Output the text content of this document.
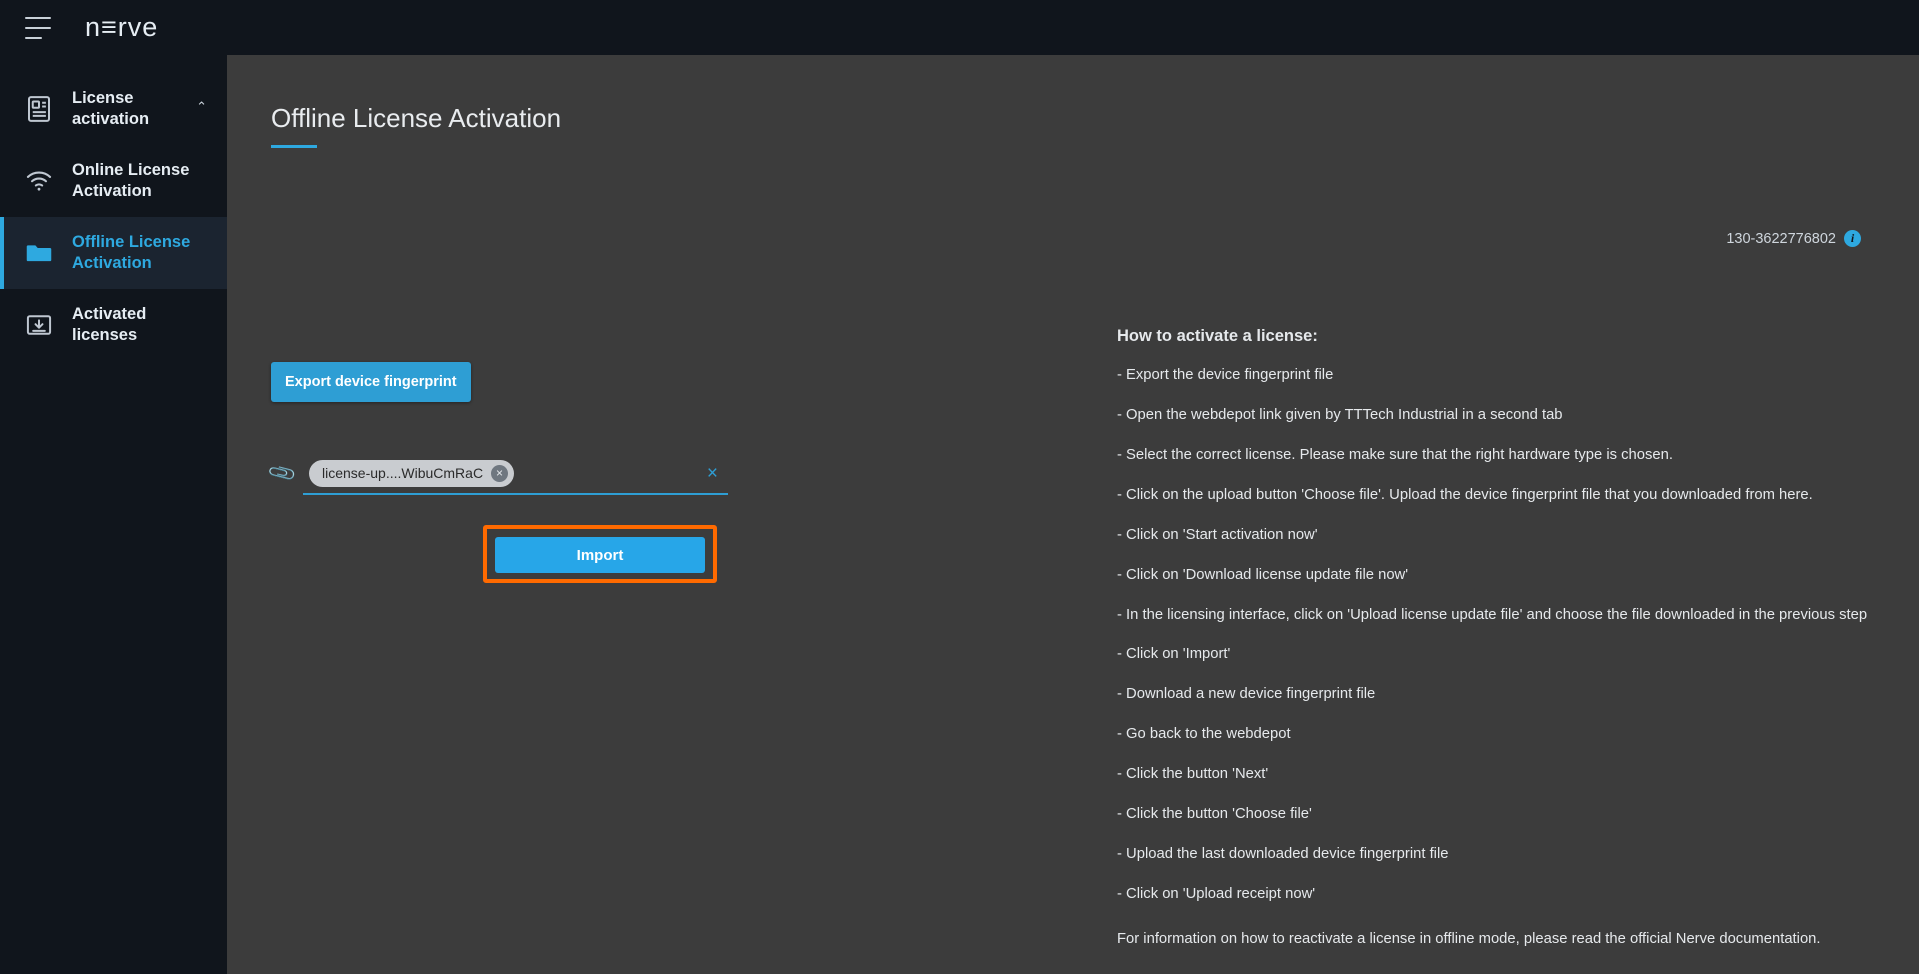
n≡rve
License activation
⌃
Online License Activation
Offline License Activation
Activated licenses
Offline License Activation
130-3622776802	i
Export device fingerprint
📎 license-up....WibuCmRaC	×	×
Import
How to activate a license:
- Export the device fingerprint file
- Open the webdepot link given by TTTech Industrial in a second tab
- Select the correct license. Please make sure that the right hardware type is chosen.
- Click on the upload button 'Choose file'. Upload the device fingerprint file that you downloaded from here.
- Click on 'Start activation now'
- Click on 'Download license update file now'
- In the licensing interface, click on 'Upload license update file' and choose the file downloaded in the previous step
- Click on 'Import'
- Download a new device fingerprint file
- Go back to the webdepot
- Click the button 'Next'
- Click the button 'Choose file'
- Upload the last downloaded device fingerprint file
- Click on 'Upload receipt now'
For information on how to reactivate a license in offline mode, please read the official Nerve documentation.
